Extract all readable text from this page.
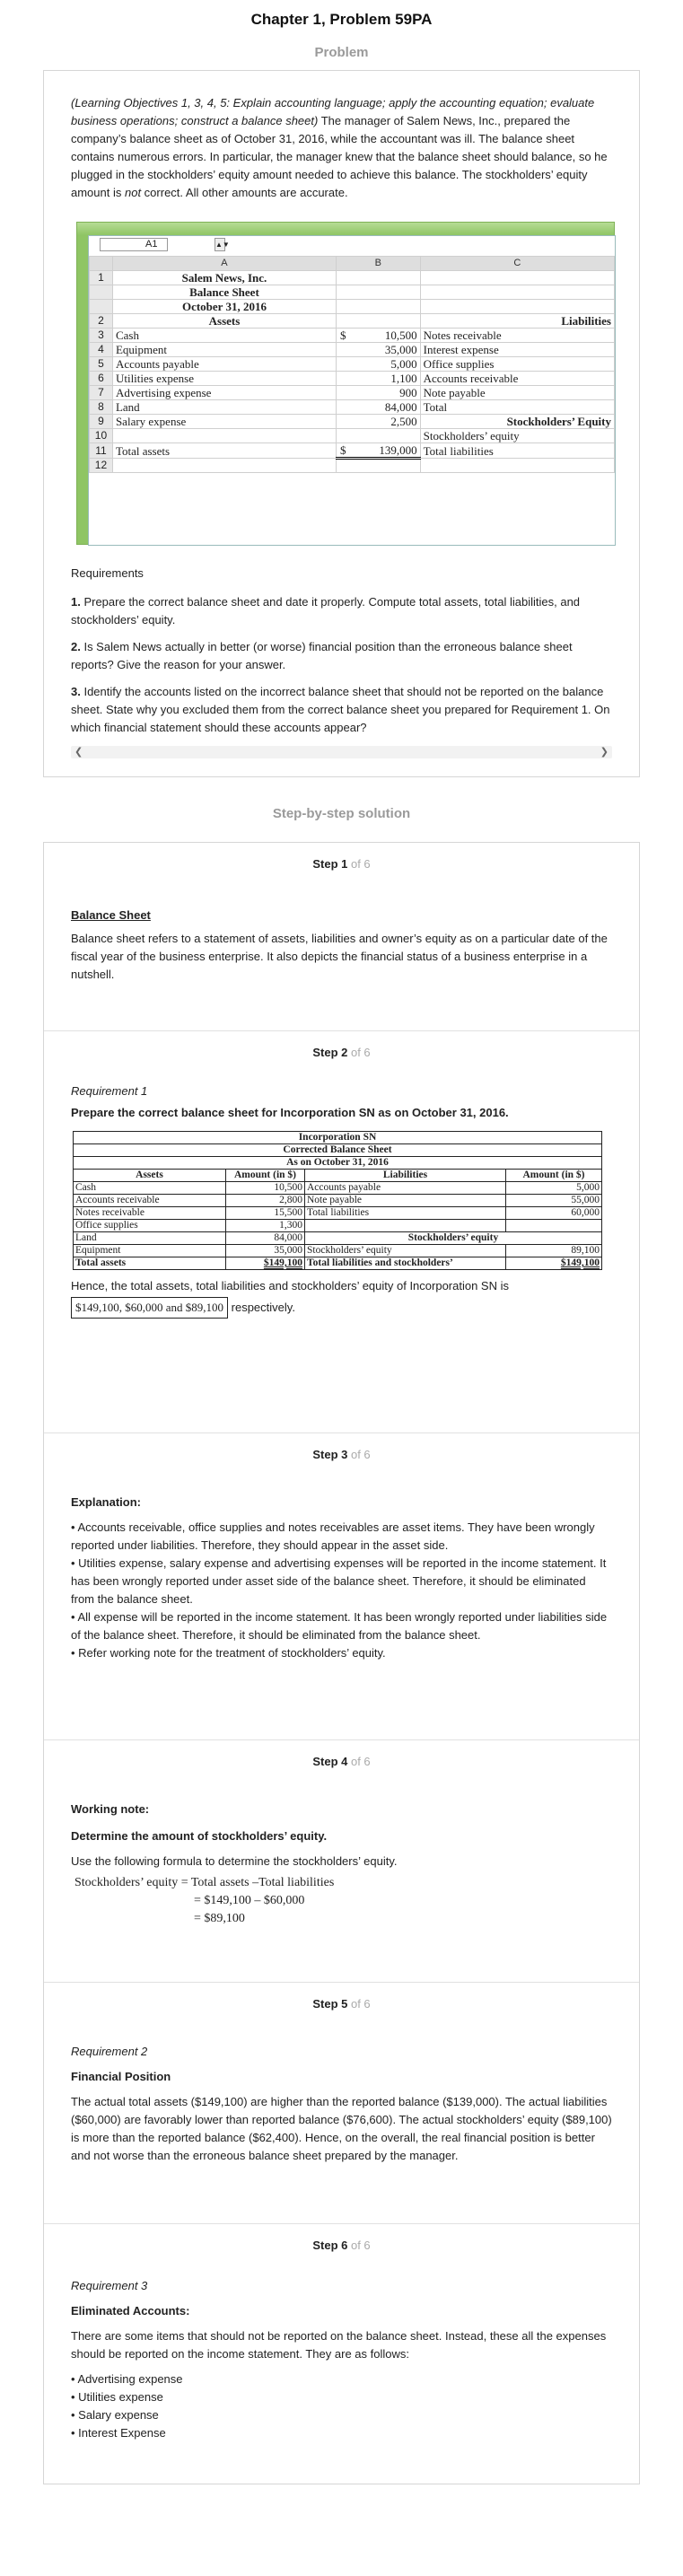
Chapter 1, Problem 59PA
Problem

(Learning Objectives 1, 3, 4, 5: Explain accounting language; apply the accounting equation; evaluate business operations; construct a balance sheet) The manager of Salem News, Inc., prepared the company’s balance sheet as of October 31, 2016, while the accountant was ill. The balance sheet contains numerous errors. In particular, the manager knew that the balance sheet should balance, so he plugged in the stockholders’ equity amount needed to achieve this balance. The stockholders’ equity amount is not correct. All other amounts are accurate.

A1	▲▼
	A	B	C
1	Salem News, Inc.	

	Balance Sheet	

	October 31, 2016	

2	Assets		Liabilities
3	Cash	$ 10,500	Notes receivable
4	Equipment	35,000	Interest expense
5	Accounts payable	5,000	Office supplies
6	Utilities expense	1,100	Accounts receivable
7	Advertising expense	900	Note payable
8	Land	84,000	Total
9	Salary expense	2,500	Stockholders’ Equity
10			Stockholders’ equity
11	Total assets	$ 139,000	Total liabilities
12		

Requirements

1. Prepare the correct balance sheet and date it properly. Compute total assets, total liabilities, and stockholders’ equity.

2. Is Salem News actually in better (or worse) financial position than the erroneous balance sheet reports? Give the reason for your answer.

3. Identify the accounts listed on the incorrect balance sheet that should not be reported on the balance sheet. State why you excluded them from the correct balance sheet you prepared for Requirement 1. On which financial statement should these accounts appear?

❮	❯
Step-by-step solution
Step 1 of 6

Balance Sheet

Balance sheet refers to a statement of assets, liabilities and owner’s equity as on a particular date of the fiscal year of the business enterprise. It also depicts the financial status of a business enterprise in a nutshell.

Step 2 of 6

Requirement 1

Prepare the correct balance sheet for Incorporation SN as on October 31, 2016.

Incorporation SN			
Corrected Balance Sheet			
As on October 31, 2016			
Assets	Amount (in $)	Liabilities	Amount (in $)
Cash	10,500	Accounts payable	5,000
Accounts receivable	2,800	Note payable	55,000
Notes receivable	15,500	Total liabilities	60,000
Office supplies	1,300		
Land	84,000	Stockholders’ equity	
Equipment	35,000	Stockholders’ equity	89,100
Total assets	$149,100	Total liabilities and stockholders’	$149,100

Hence, the total assets, total liabilities and stockholders’ equity of Incorporation SN is

$149,100, $60,000 and $89,100 respectively.

Step 3 of 6

Explanation:

• Accounts receivable, office supplies and notes receivables are asset items. They have been wrongly reported under liabilities. Therefore, they should appear in the asset side.

• Utilities expense, salary expense and advertising expenses will be reported in the income statement. It has been wrongly reported under asset side of the balance sheet. Therefore, it should be eliminated from the balance sheet.

• All expense will be reported in the income statement. It has been wrongly reported under liabilities side of the balance sheet. Therefore, it should be eliminated from the balance sheet.

• Refer working note for the treatment of stockholders’ equity.

Step 4 of 6

Working note:

Determine the amount of stockholders’ equity.

Use the following formula to determine the stockholders’ equity.

Stockholders’ equity = Total assets –Total liabilities

= $149,100 – $60,000

= $89,100

Step 5 of 6

Requirement 2

Financial Position

The actual total assets ($149,100) are higher than the reported balance ($139,000). The actual liabilities ($60,000) are favorably lower than reported balance ($76,600). The actual stockholders’ equity ($89,100) is more than the reported balance ($62,400). Hence, on the overall, the real financial position is better and not worse than the erroneous balance sheet prepared by the manager.

Step 6 of 6

Requirement 3

Eliminated Accounts:

There are some items that should not be reported on the balance sheet. Instead, these all the expenses should be reported on the income statement. They are as follows:

• Advertising expense

• Utilities expense

• Salary expense

• Interest Expense
